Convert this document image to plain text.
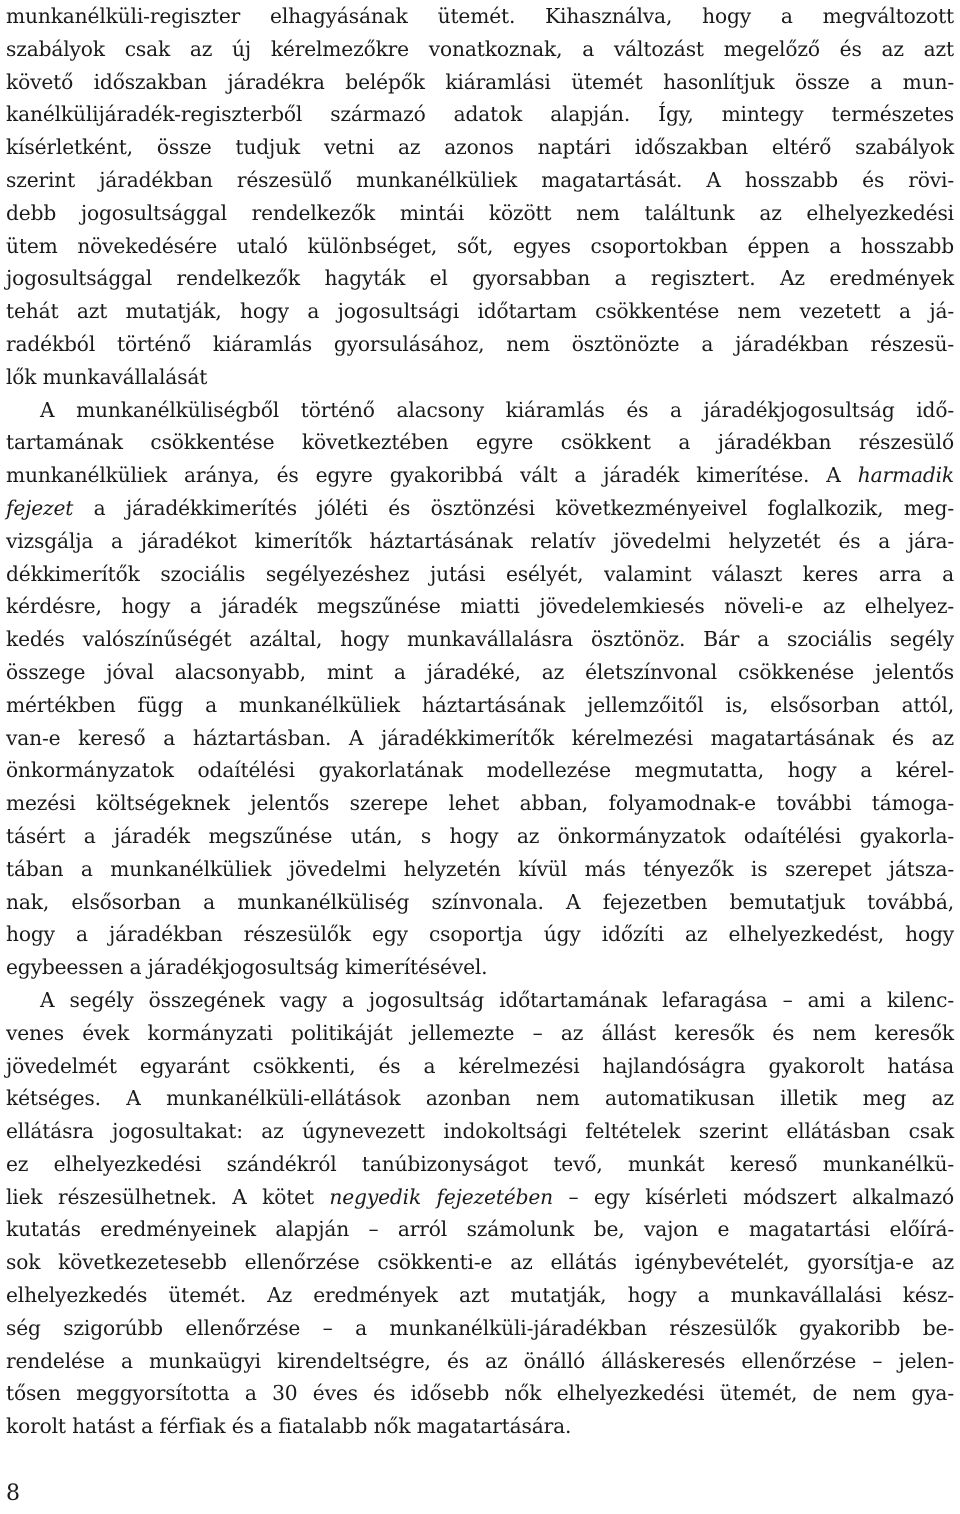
munkanélküli-regiszter elhagyásának ütemét. Kihasználva, hogy a megváltozott
szabályok csak az új kérelmezőkre vonatkoznak, a változást megelőző és az azt
követő időszakban járadékra belépők kiáramlási ütemét hasonlítjuk össze a mun-
kanélkülijáradék-regiszterből származó adatok alapján. Így, mintegy természetes
kísérletként, össze tudjuk vetni az azonos naptári időszakban eltérő szabályok
szerint járadékban részesülő munkanélküliek magatartását. A hosszabb és rövi-
debb jogosultsággal rendelkezők mintái között nem találtunk az elhelyezkedési
ütem növekedésére utaló különbséget, sőt, egyes csoportokban éppen a hosszabb
jogosultsággal rendelkezők hagyták el gyorsabban a regisztert. Az eredmények
tehát azt mutatják, hogy a jogosultsági időtartam csökkentése nem vezetett a já-
radékból történő kiáramlás gyorsulásához, nem ösztönözte a járadékban részesü-
lők munkavállalását
A munkanélküliségből történő alacsony kiáramlás és a járadékjogosultság idő-
tartamának csökkentése következtében egyre csökkent a járadékban részesülő
munkanélküliek aránya, és egyre gyakoribbá vált a járadék kimerítése. A harmadik
fejezet a járadékkimerítés jóléti és ösztönzési következményeivel foglalkozik, meg-
vizsgálja a járadékot kimerítők háztartásának relatív jövedelmi helyzetét és a jára-
dékkimerítők szociális segélyezéshez jutási esélyét, valamint választ keres arra a
kérdésre, hogy a járadék megszűnése miatti jövedelemkiesés növeli-e az elhelyez-
kedés valószínűségét azáltal, hogy munkavállalásra ösztönöz. Bár a szociális segély
összege jóval alacsonyabb, mint a járadéké, az életszínvonal csökkenése jelentős
mértékben függ a munkanélküliek háztartásának jellemzőitől is, elsősorban attól,
van-e kereső a háztartásban. A járadékkimerítők kérelmezési magatartásának és az
önkormányzatok odaítélési gyakorlatának modellezése megmutatta, hogy a kérel-
mezési költségeknek jelentős szerepe lehet abban, folyamodnak-e további támoga-
tásért a járadék megszűnése után, s hogy az önkormányzatok odaítélési gyakorla-
tában a munkanélküliek jövedelmi helyzetén kívül más tényezők is szerepet játsza-
nak, elsősorban a munkanélküliség színvonala. A fejezetben bemutatjuk továbbá,
hogy a járadékban részesülők egy csoportja úgy időzíti az elhelyezkedést, hogy
egybeessen a járadékjogosultság kimerítésével.
A segély összegének vagy a jogosultság időtartamának lefaragása – ami a kilenc-
venes évek kormányzati politikáját jellemezte – az állást keresők és nem keresők
jövedelmét egyaránt csökkenti, és a kérelmezési hajlandóságra gyakorolt hatása
kétséges. A munkanélküli-ellátások azonban nem automatikusan illetik meg az
ellátásra jogosultakat: az úgynevezett indokoltsági feltételek szerint ellátásban csak
ez elhelyezkedési szándékról tanúbizonyságot tevő, munkát kereső munkanélkü-
liek részesülhetnek. A kötet negyedik fejezetében – egy kísérleti módszert alkalmazó
kutatás eredményeinek alapján – arról számolunk be, vajon e magatartási előírá-
sok következetesebb ellenőrzése csökkenti-e az ellátás igénybevételét, gyorsítja-e az
elhelyezkedés ütemét. Az eredmények azt mutatják, hogy a munkavállalási kész-
ség szigorúbb ellenőrzése – a munkanélküli-járadékban részesülők gyakoribb be-
rendelése a munkaügyi kirendeltségre, és az önálló álláskeresés ellenőrzése – jelen-
tősen meggyorsította a 30 éves és idősebb nők elhelyezkedési ütemét, de nem gya-
korolt hatást a férfiak és a fiatalabb nők magatartására.
8
